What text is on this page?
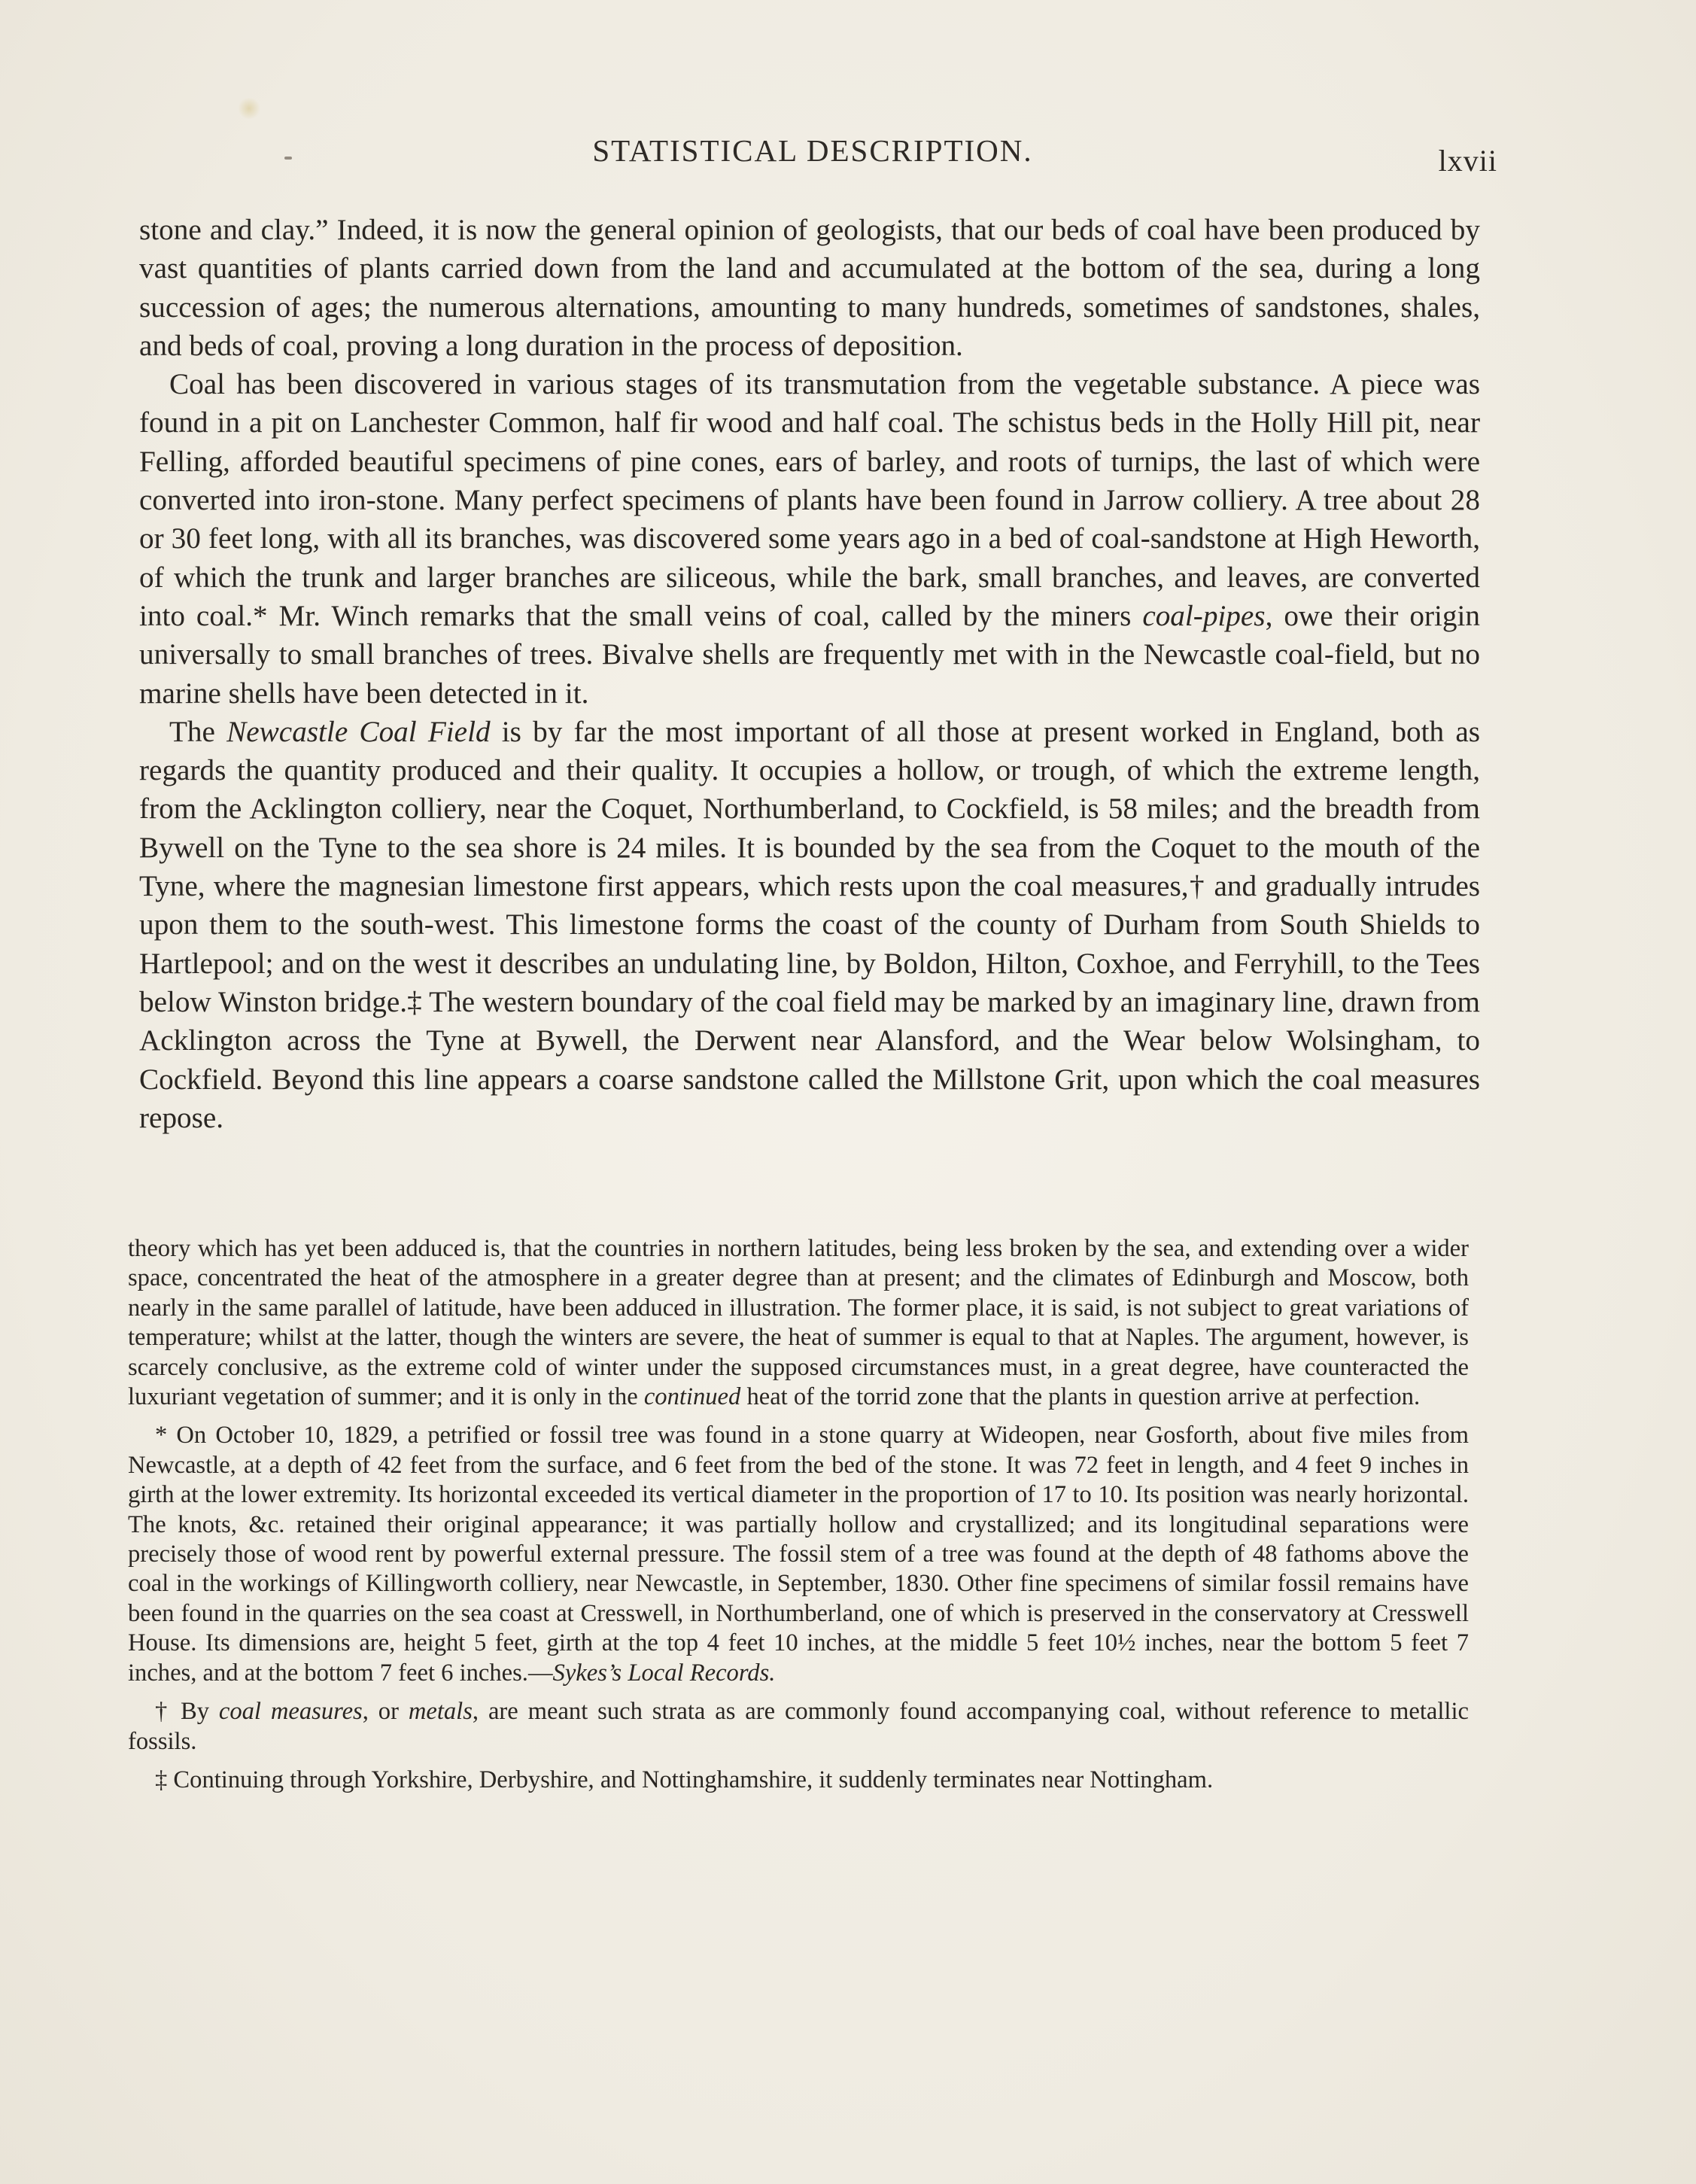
STATISTICAL DESCRIPTION.	lxvii

stone and clay.” Indeed, it is now the general opinion of geologists, that our beds of coal have been produced by vast quantities of plants carried down from the land and accumulated at the bottom of the sea, during a long succession of ages; the numerous alternations, amounting to many hundreds, sometimes of sandstones, shales, and beds of coal, proving a long duration in the process of deposition.

Coal has been discovered in various stages of its transmutation from the vegetable substance. A piece was found in a pit on Lanchester Common, half fir wood and half coal. The schistus beds in the Holly Hill pit, near Felling, afforded beautiful specimens of pine cones, ears of barley, and roots of turnips, the last of which were converted into iron-stone. Many perfect specimens of plants have been found in Jarrow colliery. A tree about 28 or 30 feet long, with all its branches, was discovered some years ago in a bed of coal-sandstone at High Heworth, of which the trunk and larger branches are siliceous, while the bark, small branches, and leaves, are converted into coal.* Mr. Winch remarks that the small veins of coal, called by the miners coal-pipes, owe their origin universally to small branches of trees. Bivalve shells are frequently met with in the Newcastle coal-field, but no marine shells have been detected in it.

The Newcastle Coal Field is by far the most important of all those at present worked in England, both as regards the quantity produced and their quality. It occupies a hollow, or trough, of which the extreme length, from the Acklington colliery, near the Coquet, Northumberland, to Cockfield, is 58 miles; and the breadth from Bywell on the Tyne to the sea shore is 24 miles. It is bounded by the sea from the Coquet to the mouth of the Tyne, where the magnesian limestone first appears, which rests upon the coal measures,† and gradually intrudes upon them to the south-west. This limestone forms the coast of the county of Durham from South Shields to Hartlepool; and on the west it describes an undulating line, by Boldon, Hilton, Coxhoe, and Ferryhill, to the Tees below Winston bridge.‡ The western boundary of the coal field may be marked by an imaginary line, drawn from Acklington across the Tyne at Bywell, the Derwent near Alansford, and the Wear below Wolsingham, to Cockfield. Beyond this line appears a coarse sandstone called the Millstone Grit, upon which the coal measures repose.

theory which has yet been adduced is, that the countries in northern latitudes, being less broken by the sea, and extending over a wider space, concentrated the heat of the atmosphere in a greater degree than at present; and the climates of Edinburgh and Moscow, both nearly in the same parallel of latitude, have been adduced in illustration. The former place, it is said, is not subject to great variations of temperature; whilst at the latter, though the winters are severe, the heat of summer is equal to that at Naples. The argument, however, is scarcely conclusive, as the extreme cold of winter under the supposed circumstances must, in a great degree, have counteracted the luxuriant vegetation of summer; and it is only in the continued heat of the torrid zone that the plants in question arrive at perfection.

* On October 10, 1829, a petrified or fossil tree was found in a stone quarry at Wideopen, near Gosforth, about five miles from Newcastle, at a depth of 42 feet from the surface, and 6 feet from the bed of the stone. It was 72 feet in length, and 4 feet 9 inches in girth at the lower extremity. Its horizontal exceeded its vertical diameter in the proportion of 17 to 10. Its position was nearly horizontal. The knots, &c. retained their original appearance; it was partially hollow and crystallized; and its longitudinal separations were precisely those of wood rent by powerful external pressure. The fossil stem of a tree was found at the depth of 48 fathoms above the coal in the workings of Killingworth colliery, near Newcastle, in September, 1830. Other fine specimens of similar fossil remains have been found in the quarries on the sea coast at Cresswell, in Northumberland, one of which is preserved in the conservatory at Cresswell House. Its dimensions are, height 5 feet, girth at the top 4 feet 10 inches, at the middle 5 feet 10½ inches, near the bottom 5 feet 7 inches, and at the bottom 7 feet 6 inches.—Sykes’s Local Records.

† By coal measures, or metals, are meant such strata as are commonly found accompanying coal, without reference to metallic fossils.

‡ Continuing through Yorkshire, Derbyshire, and Nottinghamshire, it suddenly terminates near Nottingham.
